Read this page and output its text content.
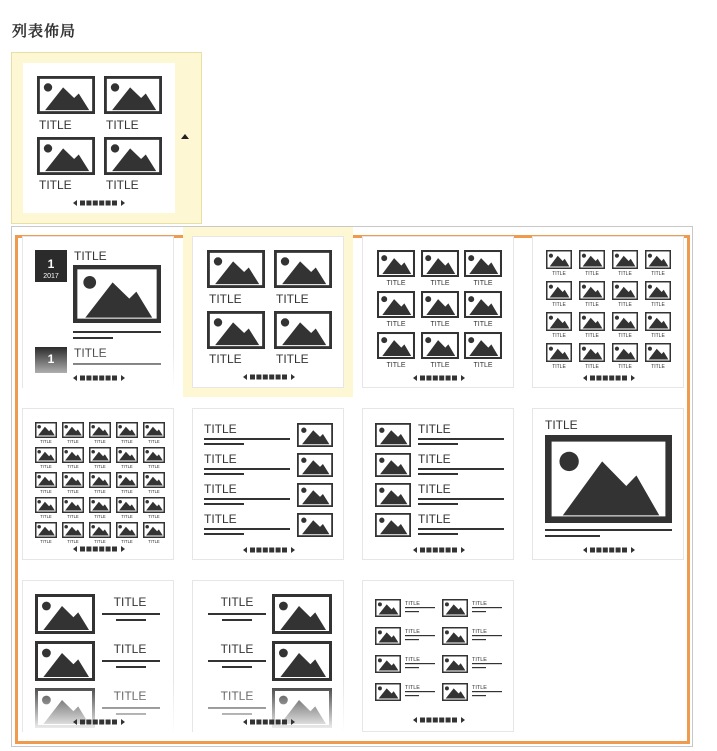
列表佈局
TITLE	TITLE
TITLE	TITLE
1
2017
TITLE
TITLE	TITLE
TITLE	TITLE
TITLE	TITLE	TITLE
TITLE	TITLE	TITLE
TITLE	TITLE	TITLE
TITLE	TITLE	TITLE	TITLE
TITLE	TITLE	TITLE	TITLE
TITLE	TITLE	TITLE	TITLE
TITLE	TITLE	TITLE	TITLE
TITLE	TITLE	TITLE	TITLE	TITLE
TITLE	TITLE	TITLE	TITLE	TITLE
TITLE	TITLE	TITLE	TITLE	TITLE
TITLE	TITLE	TITLE	TITLE	TITLE
TITLE	TITLE	TITLE	TITLE	TITLE
TITLE
TITLE
TITLE
TITLE
TITLE
TITLE
TITLE
TITLE
TITLE
TITLE
TITLE
TITLE
TITLE
TITLE	TITLE
TITLE	TITLE
TITLE	TITLE
TITLE	TITLE
